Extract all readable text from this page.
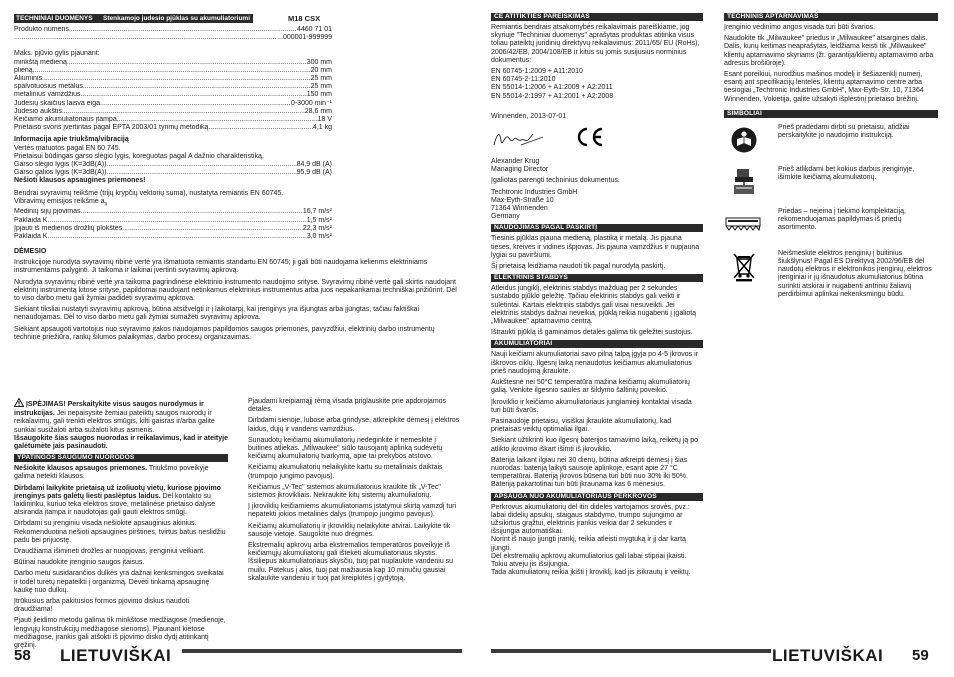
TECHNINIAI DUOMENYS	Stenkamojo judesio pjūklas su akumuliatoriumi	M18 CSX
Produkto numeris .....	4460 71 01
.....
...000001-999999
Maks. pjūvio gylis pjaunant:
minkštą medieną .....	300 mm
plieną .....	20 mm
Aliuminis .....	25 mm
spalvotuosius metalus .....	25 mm
metalinius vamzdžius .....	150 mm
Judesių skaičius laisva eiga .....	0-3000 min⁻¹
Judesio aukštis .....	28,6 mm
Keičiamo akumuliatoriaus įtampa .....	18 V
Prietaiso svoris įvertintas pagal EPTA 2003/01 tyrimų metodiką .....	4,1 kg
Informacija apie triukšmą/vibraciją
Vertės matuotos pagal EN 60 745.
Prietaisui būdingas garso slėgio lygis, koreguotas pagal A dažnio charakteristiką,
Garso slėgio lygis (K=3dB(A)) .....	84,9 dB (A)
Garso galios lygis (K=3dB(A)) .....	95,9 dB (A)
Nešioti klausos apsaugines priemones!
Bendrai svyravimų reikšmė (trijų krypčių vektorių suma), nustatyta remiantis EN 60745.
Vibravimų emisijos reikšmė $a_h$
Medinių sijų pjovimas .....	16,7 m/s²
Paklaida K .....	1,5 m/s²
Įpjauti iš medienos drožlių plokštės .....	22,3 m/s²
Paklaida K .....	3,0 m/s²

DĖMESIO

Instrukcijoje nurodyta svyravimų ribinė vertė yra išmatuota remiantis standartu EN 60745; ji gali būti naudojama kelienms elektriniams instrumentams palyginti. Ji taikoma ir laikinai įvertinti svyravimų apkrovą.

Nurodyta svyravimų ribinė vertė yra taikoma pagrindinėse elektrinio instrumento naudojimo srityse. Svyravimų ribinė vertė gali skirtis naudojant elektrinį instrumentą kitose srityse, papildomai naudojant netinkamus elektrinius instrumentus arba juos nepakankamai techniškai prižiūrint. Dėl to viso darbo metu gali žymiai padidėti svyravimų apkrova.

Siekiant tiksliai nustatyti svyravimų apkrovą, būtina atsižvelgti ir į laikotarpį, kai įrenginys yra išjungtas arba įjungtas, tačiau faktiškai nenaudojamas. Dėl to viso darbo metu gali žymiai sumažėti svyravimų apkrova.

Siekiant apsaugoti vartotojus nuo svyravimo įtakos naudojamos papildomos saugos priemonės, pavyzdžiui, elektrinių darbo instrumentų techninė priežiūra, rankų šilumos palaikymas, darbo procesų organizavimas.

ĮSPĖJIMAS! Perskaitykite visus saugos nurodymus ir instrukcijas. Jei nepaisysite žemiau pateiktų saugos nuorodų ir reikalavimų, gali trenkti elektros smūgis, kilti gaisras ir/arba galite sunkiai susižaloti arba sužaloti kitus asmenis.
Išsaugokite šias saugos nuorodas ir reikalavimus, kad ir ateityje galėtumėte jais pasinaudoti.

YPATINGOS SAUGUMO NUORODOS

Nešiokite klausos apsaugos priemones. Triukšmo poveikyje galima netekti klausos.

Dirbdami laikykite prietaisą už izoliuotų vietų, kuriose pjovimo įrenginys pats galėtų liesti paslėptus laidus. Dėl kontakto su laidininku, kuriuo teka elektros srovė, metalinėse prietaiso dalyse atsiranda įtampa ir naudotojas gali gauti elektros smūgį.

Dirbdami su įrenginiu visada nešiokite apsauginius akinius. Rekomenduotina nešioti apsaugines pirštines, tvirtus batus neslidžiu padu bei prijuostę.

Draudžiama išimineti drožles ar nuopjovas, įrenginiui veikiant.

Būtinai naudokite įrenginio saugos įtaisus.

Darbo metu susidarančios dulkės yra dažnai kenksmingos sveikatai ir todėl turėtų nepateikti į organizmą. Dėvėti tinkamą apsauginę kaukę nuo dulkių.

Įtrūkusius arba pakitusios formos pjovimo diskus naudoti draudžiama!

Pjauti įleidimo metodu galima tik minkštose medžiagose (medienoje, lengvųjų konstrukcijų medžiagose sienoms). Pjaunant kietose medžiagose, įrankis gali atšokti iš pjovimo disko dydį atitinkantį gręžinį.

Pjaudami kreipiamąjį rėmą visada priglauskite prie apdorojamos detalės.

Dirbdami sienoje, lubose arba grindyse, atkreipkite dėmesį į elektros laidus, dujų ir vandens vamzdžius.

Sunaudotų keičiamų akumuliatorių nedeginkite ir nemeskite į buitines atliekas. „Milwaukee" siūlo tausojantį aplinką sudėvėtų keičiamų akumuliatorių tvarkymą, apie tai prekybos atstovo.

Keičiamų akumuliatorių nelaikykite kartu su metaliniais daiktais (trumpojo jungimo pavojus).

Keičiamus „V-Tec" sistemos akumuliatorius kraukite tik „V-Tec" sistemos įkrovikliais. Nekraukite kitų sistemų akumuliatorių.

Į įkroviklių keičiamiems akumuliatoriams įstatymui skirtą vamzdį turi nepatekti jokios metalinės dalys (trumpojo jungimo pavojus).

Keičiamų akumuliatorių ir įkroviklių nelaikykite atvirai. Laikykite tik sausoje vietoje. Saugokite nuo drėgmės.

Ekstremalių apkrovų arba ekstremalios temperatūros poveikyje iš keičiamųjų akumuliatorių gali ištekėti akumuliatoriaus skystis. Išsiliepus akumuliatoriaus skysčiu, tuoj pat nuplaukite vandeniu su muilu. Patekus į akis, tuoj pat mažiausia kap 10 minučių gausiai skalaukite vandeniu ir tuoj pat kreipkitės į gydytoją.

58 LIETUVIŠKAI
CE ATITIKTIES PAREIŠKIMAS

Remiantis bendrais atsakomybės reikalavimais pareiškiame, jog skyriuje "Techniniai duomenys" aprašytas produktas atitinka visus toliau pateiktų juridinių direktyvų reikalavimus: 2011/65/ EU (RoHs), 2006/42/EB, 2004/108/EB ir kitus su jomis susijusius norminius dokumentus:

EN 60745-1:2009 + A11:2010
EN 60745-2-11:2010
EN 55014-1:2006 + A1:2009 + A2:2011
EN 55014-2:1997 + A1:2001 + A2:2008

Winnenden, 2013-07-01

Alexander Krug
Managing Director

Įgaliotas parengti techninius dokumentus.

Techtronic Industries GmbH
Max-Eyth-Straße 10
71364 Winnenden
Germany
NAUDOJIMAS PAGAL PASKIRTĮ

Tiesinis pjūklas pjauna medieną, plastiką ir metalą. Jis pjauna tieses, kreives ir vidines išpjovas. Jis pjauna vamzdžius ir nupjauna lygiai su paviršiumi.

Šį prietaisą leidžiama naudoti tik pagal nurodytą paskirtį.

ELEKTRINIS STABDYS

Atleidus jungiklį, elektrinis stabdys mažduag per 2 sekundes sustabdo pjūklo geležtę. Tačiau elektrinis stabdys gali veikti ir sulėtintai. Kartais elektrinis stabdys gali visai nesuveikti. Jei elektrinis stabdys dažnai neveikia, pjūklą reikia nugabenti į įgaliotą „Milwaukee" aptarnavimo centrą.

Ištraukti pjūklą iš gaminamos detalės galima tik geležtei sustojus.

AKUMULIATORIAI

Nauji keičiami akumuliatoriai savo pilną talpą įgyja po 4-5 įkrovos ir iškrovos ciklų. Ilgesnį laiką nenaudotus keičiamus akumuliatorius prieš naudojimą įkraukite.

Aukštesnė nei 50°C temperatūra mažina keičiamų akumuliatorių galią. Venkite ilgesnio saulės ar šildymo šaltinių poveikio.

Įkroviklio ir keičiamo akumuliatoriaus jungiamieji kontaktai visada turi būti švarūs.

Pasinaudoję prietaisu, visiškai įkraukite akumuliatorių, kad prietaisas veiktų optimaliai ilgai.

Siekiant užtikrinti kuo ilgesnį baterijos tarnavimo laiką, reikėtų ją po atlikto įkrovimo iškart išimti iš įkroviklio.

Baterija laikant ilgiau nei 30 dienų, būtina atkreipti dėmesį į šias nuorodas: bateriją laikyti sausoje aplinkoje, esant apie 27 °C temperatūrai. Bateriją įkrovos būsena turi būti nuo 30% iki 50%. Bateriją pakartotinai turi būti įkraunama kas 6 mėnesius.

APSAUGA NUO AKUMULIATORIAUS PERKROVOS
Perkrovus akumuliatorių dėl itin didelės vartojamos srovės, pvz.: labai didelių apsukų, staigaus stabdymo, trumpo sujungimo ar užsikirtus grąžtui, elektrinis įrankis veikia dar 2 sekundes ir išsijungia automatiškai.
Norint iš naujo įjungti įrankį, reikia atleisti mygtuką ir jį dar kartą įjungti.
Dėl ekstremalių apkrovų akumuliatorius gali labai stipriai įkaisti. Tokiu atveju jis išsijungia.
Tada akumuliatorių reikia įkišti į kroviklį, kad jis įsikrautų ir veiktų.
TECHNINIS APTARNAVIMAS

Įrenginio vėdinimo angos visada turi būti švarios.

Naudokite tik „Milwaukee" priedus ir „Milwaukee" atsargines dalis. Dalis, kurių keitimas neaprašytas, leidžiama keisti tik „Milwaukee" klientų aptarnavimo skyriams (žr. garantiją/klientų aptarnavimo arba adresus brošiūroje).

Esant poreikiui, nurodžius mašinos modelį ir šešiazenklį numerį, esantį ant specifikacijų lentelės, klientų aptarnavimo centre arba tiesiogiai „Techtronic Industries GmbH", Max-Eyth-Str. 10, 71364 Winnenden, Vokietija, galite užsakyti išplėstinį prietaiso brėžinį.

SIMBOLIAI
Prieš pradėdami dirbti su prietaisu, atidžiai perskaitykite jo naudojimo instrukciją.
Prieš atlikdami bet kokius darbus įrenginyje, išimkite keičiamą akumuliatorių.
Priedas – neįeina į tiekimo komplektaciją, rekomenduojamas papildymas iš priedų asortimento.
Neišmeskite elektros įrenginių į buitinius šiukšlynus! Pagal ES Direktyvą 2002/96/EB dėl naudotų elektros ir elektronikos įrenginių, elektros įrenginiai ir jų išnaudotus akumuliatorius būtina surinkti atskirai ir nugabenti antriniu žaliavų perdirbimui aplinkai nekenksmingu būdu.
LIETUVIŠKAI 59
